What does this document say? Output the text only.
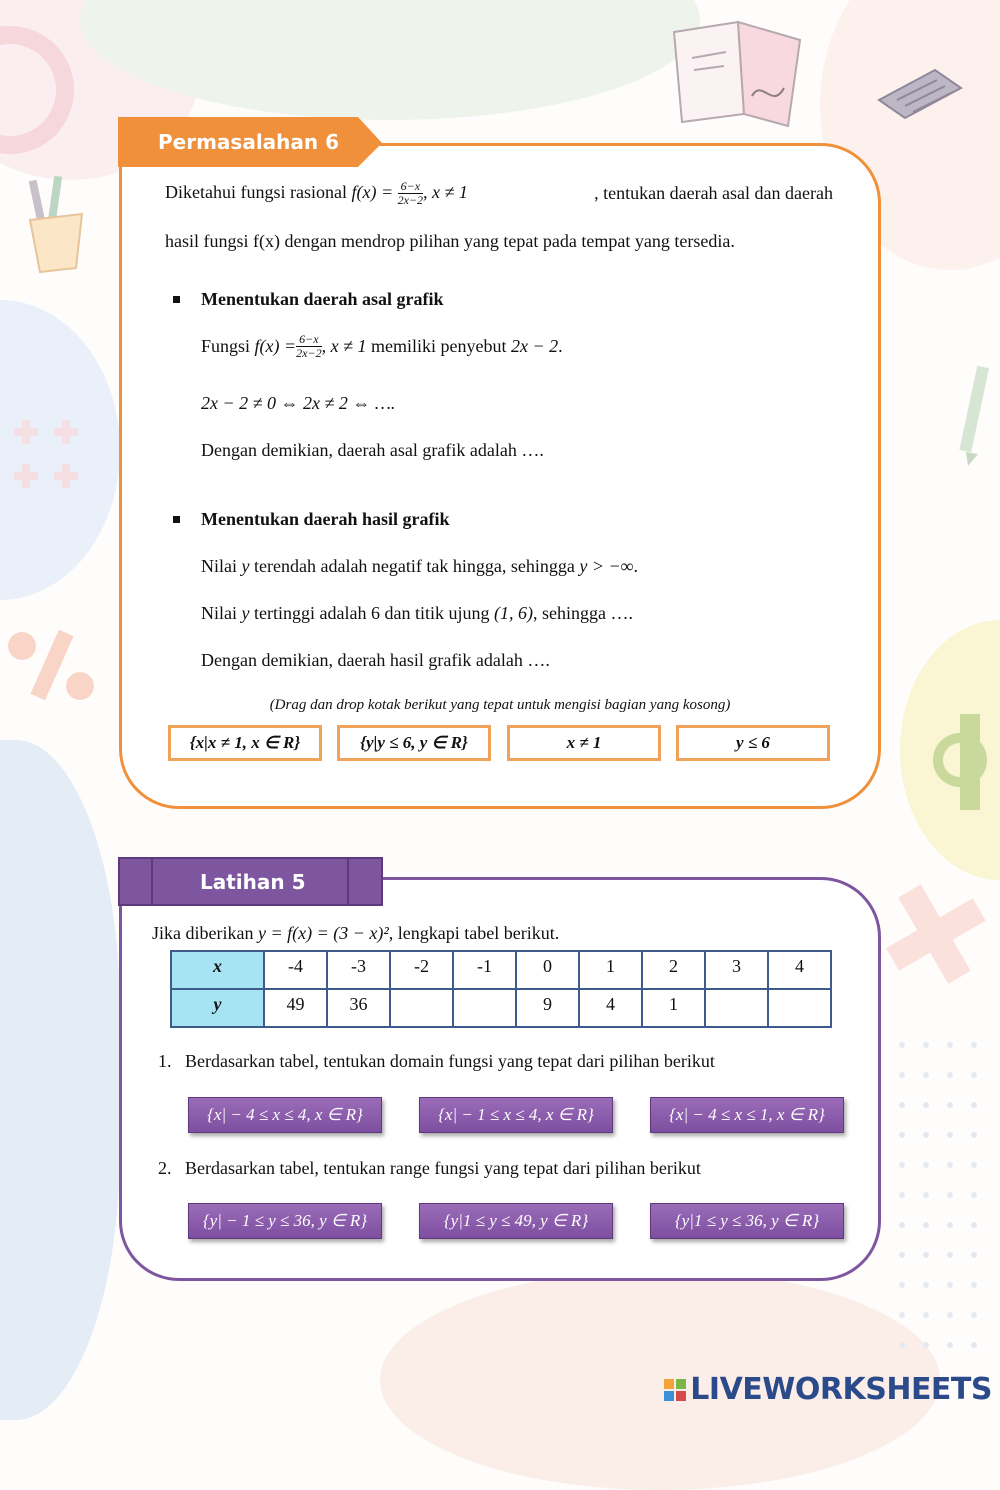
Permasalahan 6
Diketahui fungsi rasional $f(x) = \frac{6-x}{2x-2}$ , x ≠ 1	, tentukan daerah asal dan daerah
hasil fungsi f(x) dengan mendrop pilihan yang tepat pada tempat yang tersedia.
Menentukan daerah asal grafik
Fungsi
$f(x) = \frac{6-x}{2x-2}$ , x ≠ 1
memiliki penyebut
2x − 2 .
2x − 2 ≠ 0 ⇔ 2x ≠ 2 ⇔ ….
Dengan demikian, daerah asal grafik adalah ….
Menentukan daerah hasil grafik
Nilai y terendah adalah negatif tak hingga, sehingga y > −∞.
Nilai y tertinggi adalah 6 dan titik ujung (1, 6), sehingga ….
Dengan demikian, daerah hasil grafik adalah ….
(Drag dan drop kotak berikut yang tepat untuk mengisi bagian yang kosong)
{x|x ≠ 1, x ∈ R}	{y|y ≤ 6, y ∈ R}	x ≠ 1	y ≤ 6
Latihan 5
Jika diberikan y = f(x) = (3 − x)², lengkapi tabel berikut.
x	-4	-3	-2	-1	0	1	2	3	4
y	49	36			9	4	1		
1.   Berdasarkan tabel, tentukan domain fungsi yang tepat dari pilihan berikut
{x| − 4 ≤ x ≤ 4, x ∈ R}	{x| − 1 ≤ x ≤ 4, x ∈ R}	{x| − 4 ≤ x ≤ 1, x ∈ R}
2.   Berdasarkan tabel, tentukan range fungsi yang tepat dari pilihan berikut
{y| − 1 ≤ y ≤ 36, y ∈ R}	{y|1 ≤ y ≤ 49, y ∈ R}	{y|1 ≤ y ≤ 36, y ∈ R}
LIVEWORKSHEETS
